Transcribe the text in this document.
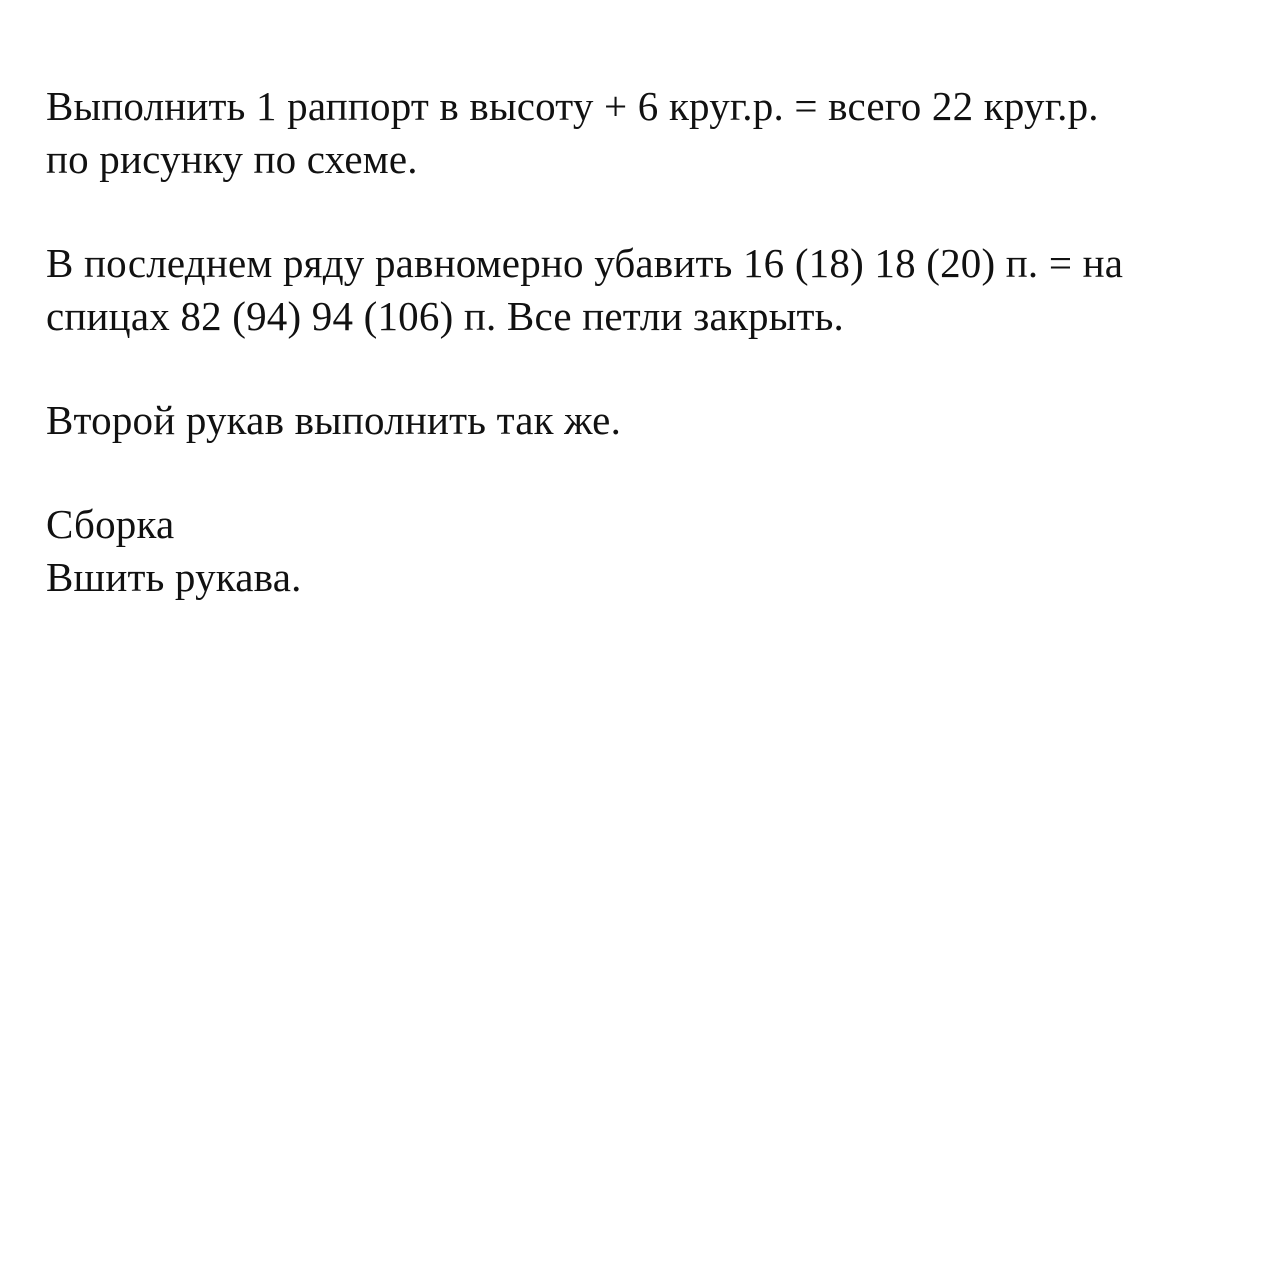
Выполнить 1 раппорт в высоту + 6 круг.р. = всего 22 круг.р.
по рисунку по схеме.

В последнем ряду равномерно убавить 16 (18) 18 (20) п. = на
спицах 82 (94) 94 (106) п. Все петли закрыть.

Второй рукав выполнить так же.

Сборка
Вшить рукава.
